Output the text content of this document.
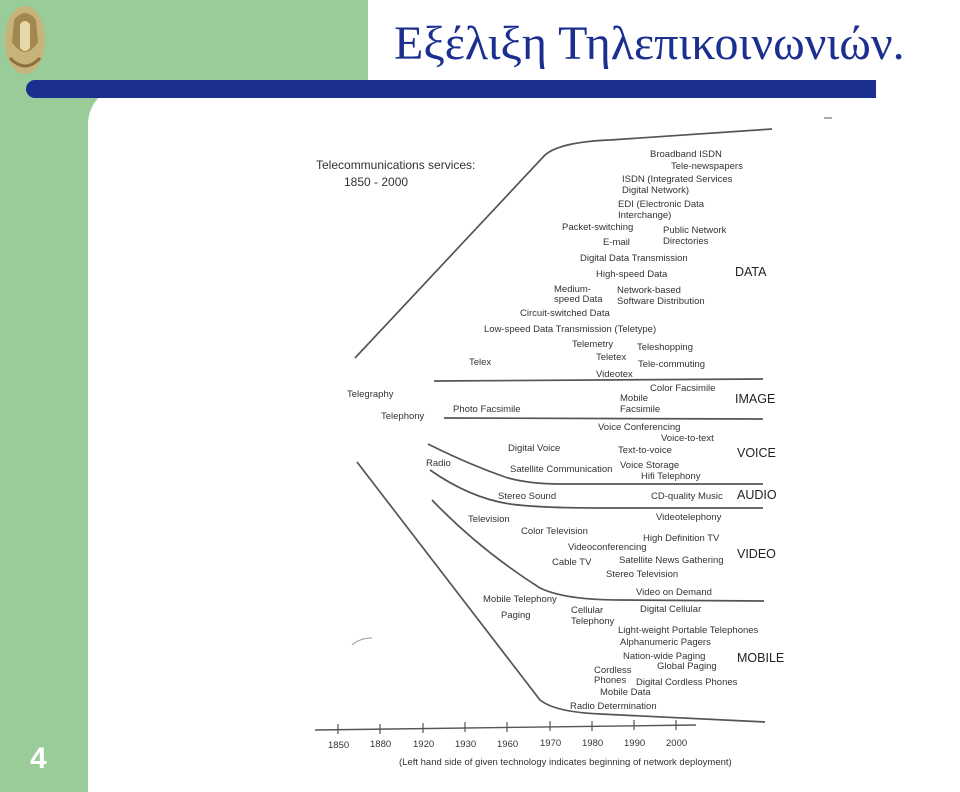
Εξέλιξη Τηλεπικοινωνιών.
4
Telecommunications services:
1850 - 2000
DATA
IMAGE
VOICE
AUDIO
VIDEO
MOBILE
Telegraphy
Telephony
Radio
Broadband ISDN
Tele-newspapers
ISDN (Integrated Services
Digital Network)
EDI (Electronic Data
Interchange)
Packet-switching	Public Network
E-mail	Directories
Digital Data Transmission
High-speed Data
Medium-
speed Data
Network-based
Software Distribution
Circuit-switched Data
Low-speed Data Transmission (Teletype)
Telemetry	Teleshopping
Telex	Teletex
Tele-commuting
Videotex
Color Facsimile
Mobile
Facsimile
Photo Facsimile
Voice Conferencing
Voice-to-text
Digital Voice	Text-to-voice
Satellite Communication Voice Storage
Hifi Telephony
Stereo Sound	CD-quality Music
Television	Videotelephony
Color Television
High Definition TV
Videoconferencing
Cable TV	Satellite News Gathering
Stereo Television
Video on Demand
Mobile Telephony
Digital Cellular
Paging	Cellular
Telephony
Light-weight Portable Telephones
Alphanumeric Pagers
Nation-wide Paging
Global Paging
Cordless
Phones Digital Cordless Phones
Mobile Data
Radio Determination
1850 1880 1920 1930 1960 1970 1980 1990 2000
(Left hand side of given technology indicates beginning of network deployment)
